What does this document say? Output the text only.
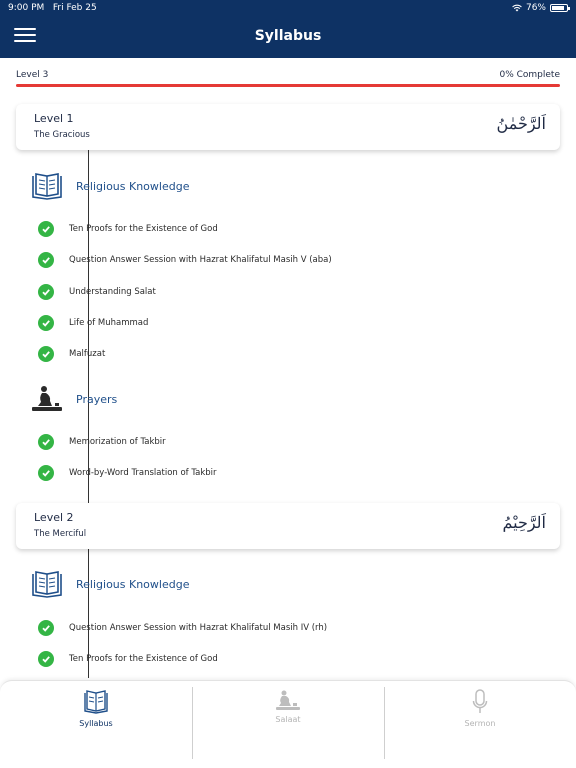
9:00 PM Fri Feb 25	76%
Syllabus
Level 3	0% Complete
Level 1
The Gracious
اَلرَّحْمٰنُ
Religious Knowledge
Ten Proofs for the Existence of God
Question Answer Session with Hazrat Khalifatul Masih V (aba)
Understanding Salat
Life of Muhammad
Malfuzat
Prayers
Memorization of Takbir
Word-by-Word Translation of Takbir
Level 2
The Merciful
اَلرَّحِيْمُ
Religious Knowledge
Question Answer Session with Hazrat Khalifatul Masih IV (rh)
Ten Proofs for the Existence of God
Syllabus	Salaat	Sermon
